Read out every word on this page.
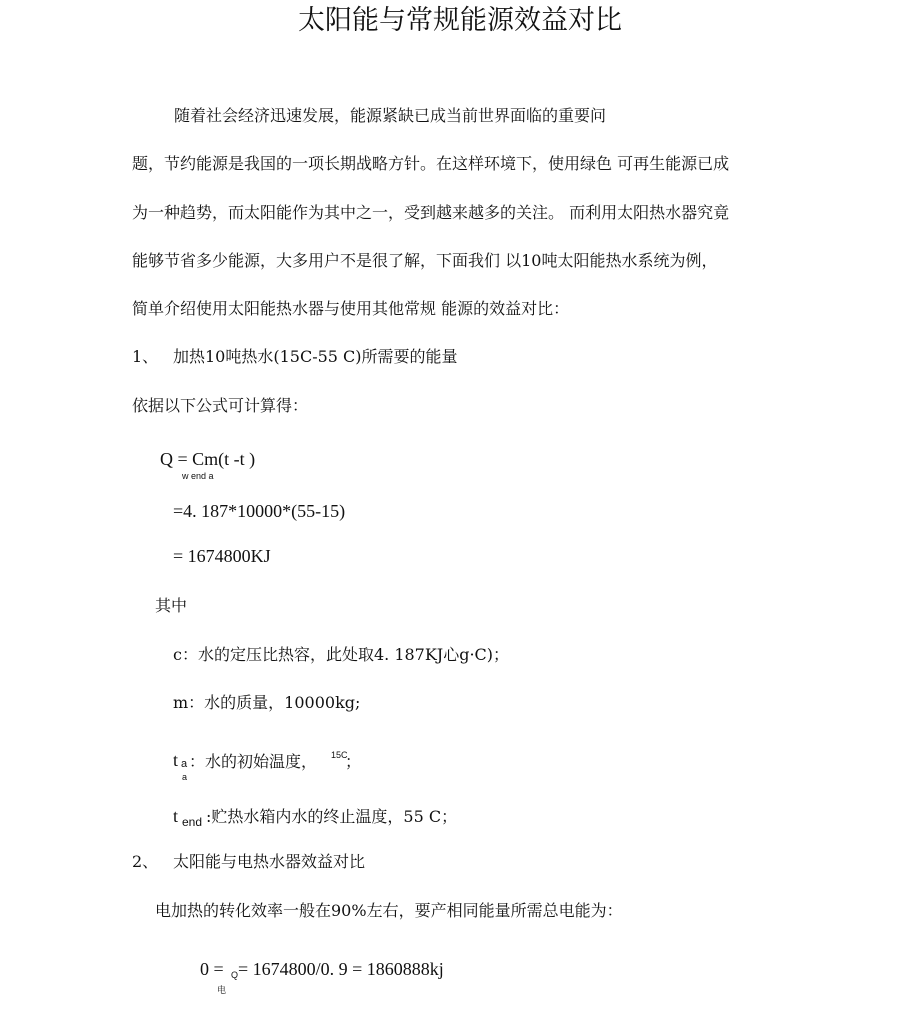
太阳能与常规能源效益对比
随着社会经济迅速发展，能源紧缺已成当前世界面临的重要问
题，节约能源是我国的一项长期战略方针。在这样环境下，使用绿色 可再生能源已成
为一种趋势，而太阳能作为其中之一，受到越来越多的关注。 而利用太阳热水器究竟
能够节省多少能源，大多用户不是很了解，下面我们 以10吨太阳能热水系统为例，
简单介绍使用太阳能热水器与使用其他常规 能源的效益对比：
1、 加热10吨热水(15C-55 C)所需要的能量
依据以下公式可计算得：
Q = Cm(t -t )
w end a
=4. 187*10000*(55-15)
= 1674800KJ
其中
c：水的定压比热容，此处取4. 187KJ心g·C)；
m：水的质量，10000kg;
t a ：水的初始温度， 15C
；
a
t end :贮热水箱内水的终止温度，55 C；
2、 太阳能与电热水器效益对比
电加热的转化效率一般在90%左右，要产相同能量所需总电能为：
0 = Q = 1674800/0. 9 = 1860888kj
电
